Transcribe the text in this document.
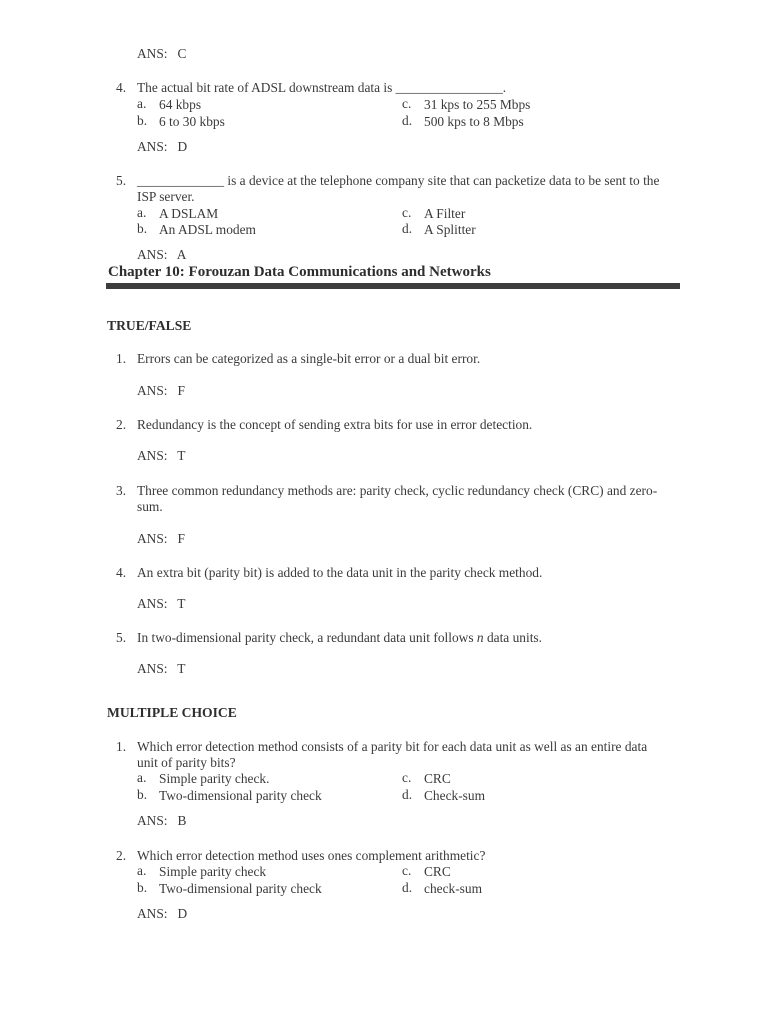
ANS:   C
4. The actual bit rate of ADSL downstream data is ________________.
a. 64 kbps
b. 6 to 30 kbps
c. 31 kps to 255 Mbps
d. 500 kps to 8 Mbps
ANS:   D
5. _____________ is a device at the telephone company site that can packetize data to be sent to the
ISP server.
a. A DSLAM
b. An ADSL modem
c. A Filter
d. A Splitter
ANS:   A
Chapter 10: Forouzan Data Communications and Networks
TRUE/FALSE
1. Errors can be categorized as a single-bit error or a dual bit error.
ANS:   F
2. Redundancy is the concept of sending extra bits for use in error detection.
ANS:   T
3. Three common redundancy methods are: parity check, cyclic redundancy check (CRC) and zero-
sum.
ANS:   F
4. An extra bit (parity bit) is added to the data unit in the parity check method.
ANS:   T
5. In two-dimensional parity check, a redundant data unit follows n data units.
ANS:   T
MULTIPLE CHOICE
1. Which error detection method consists of a parity bit for each data unit as well as an entire data
unit of parity bits?
a. Simple parity check.
b. Two-dimensional parity check
c. CRC
d. Check-sum
ANS:   B
2. Which error detection method uses ones complement arithmetic?
a. Simple parity check
b. Two-dimensional parity check
c. CRC
d. check-sum
ANS:   D
